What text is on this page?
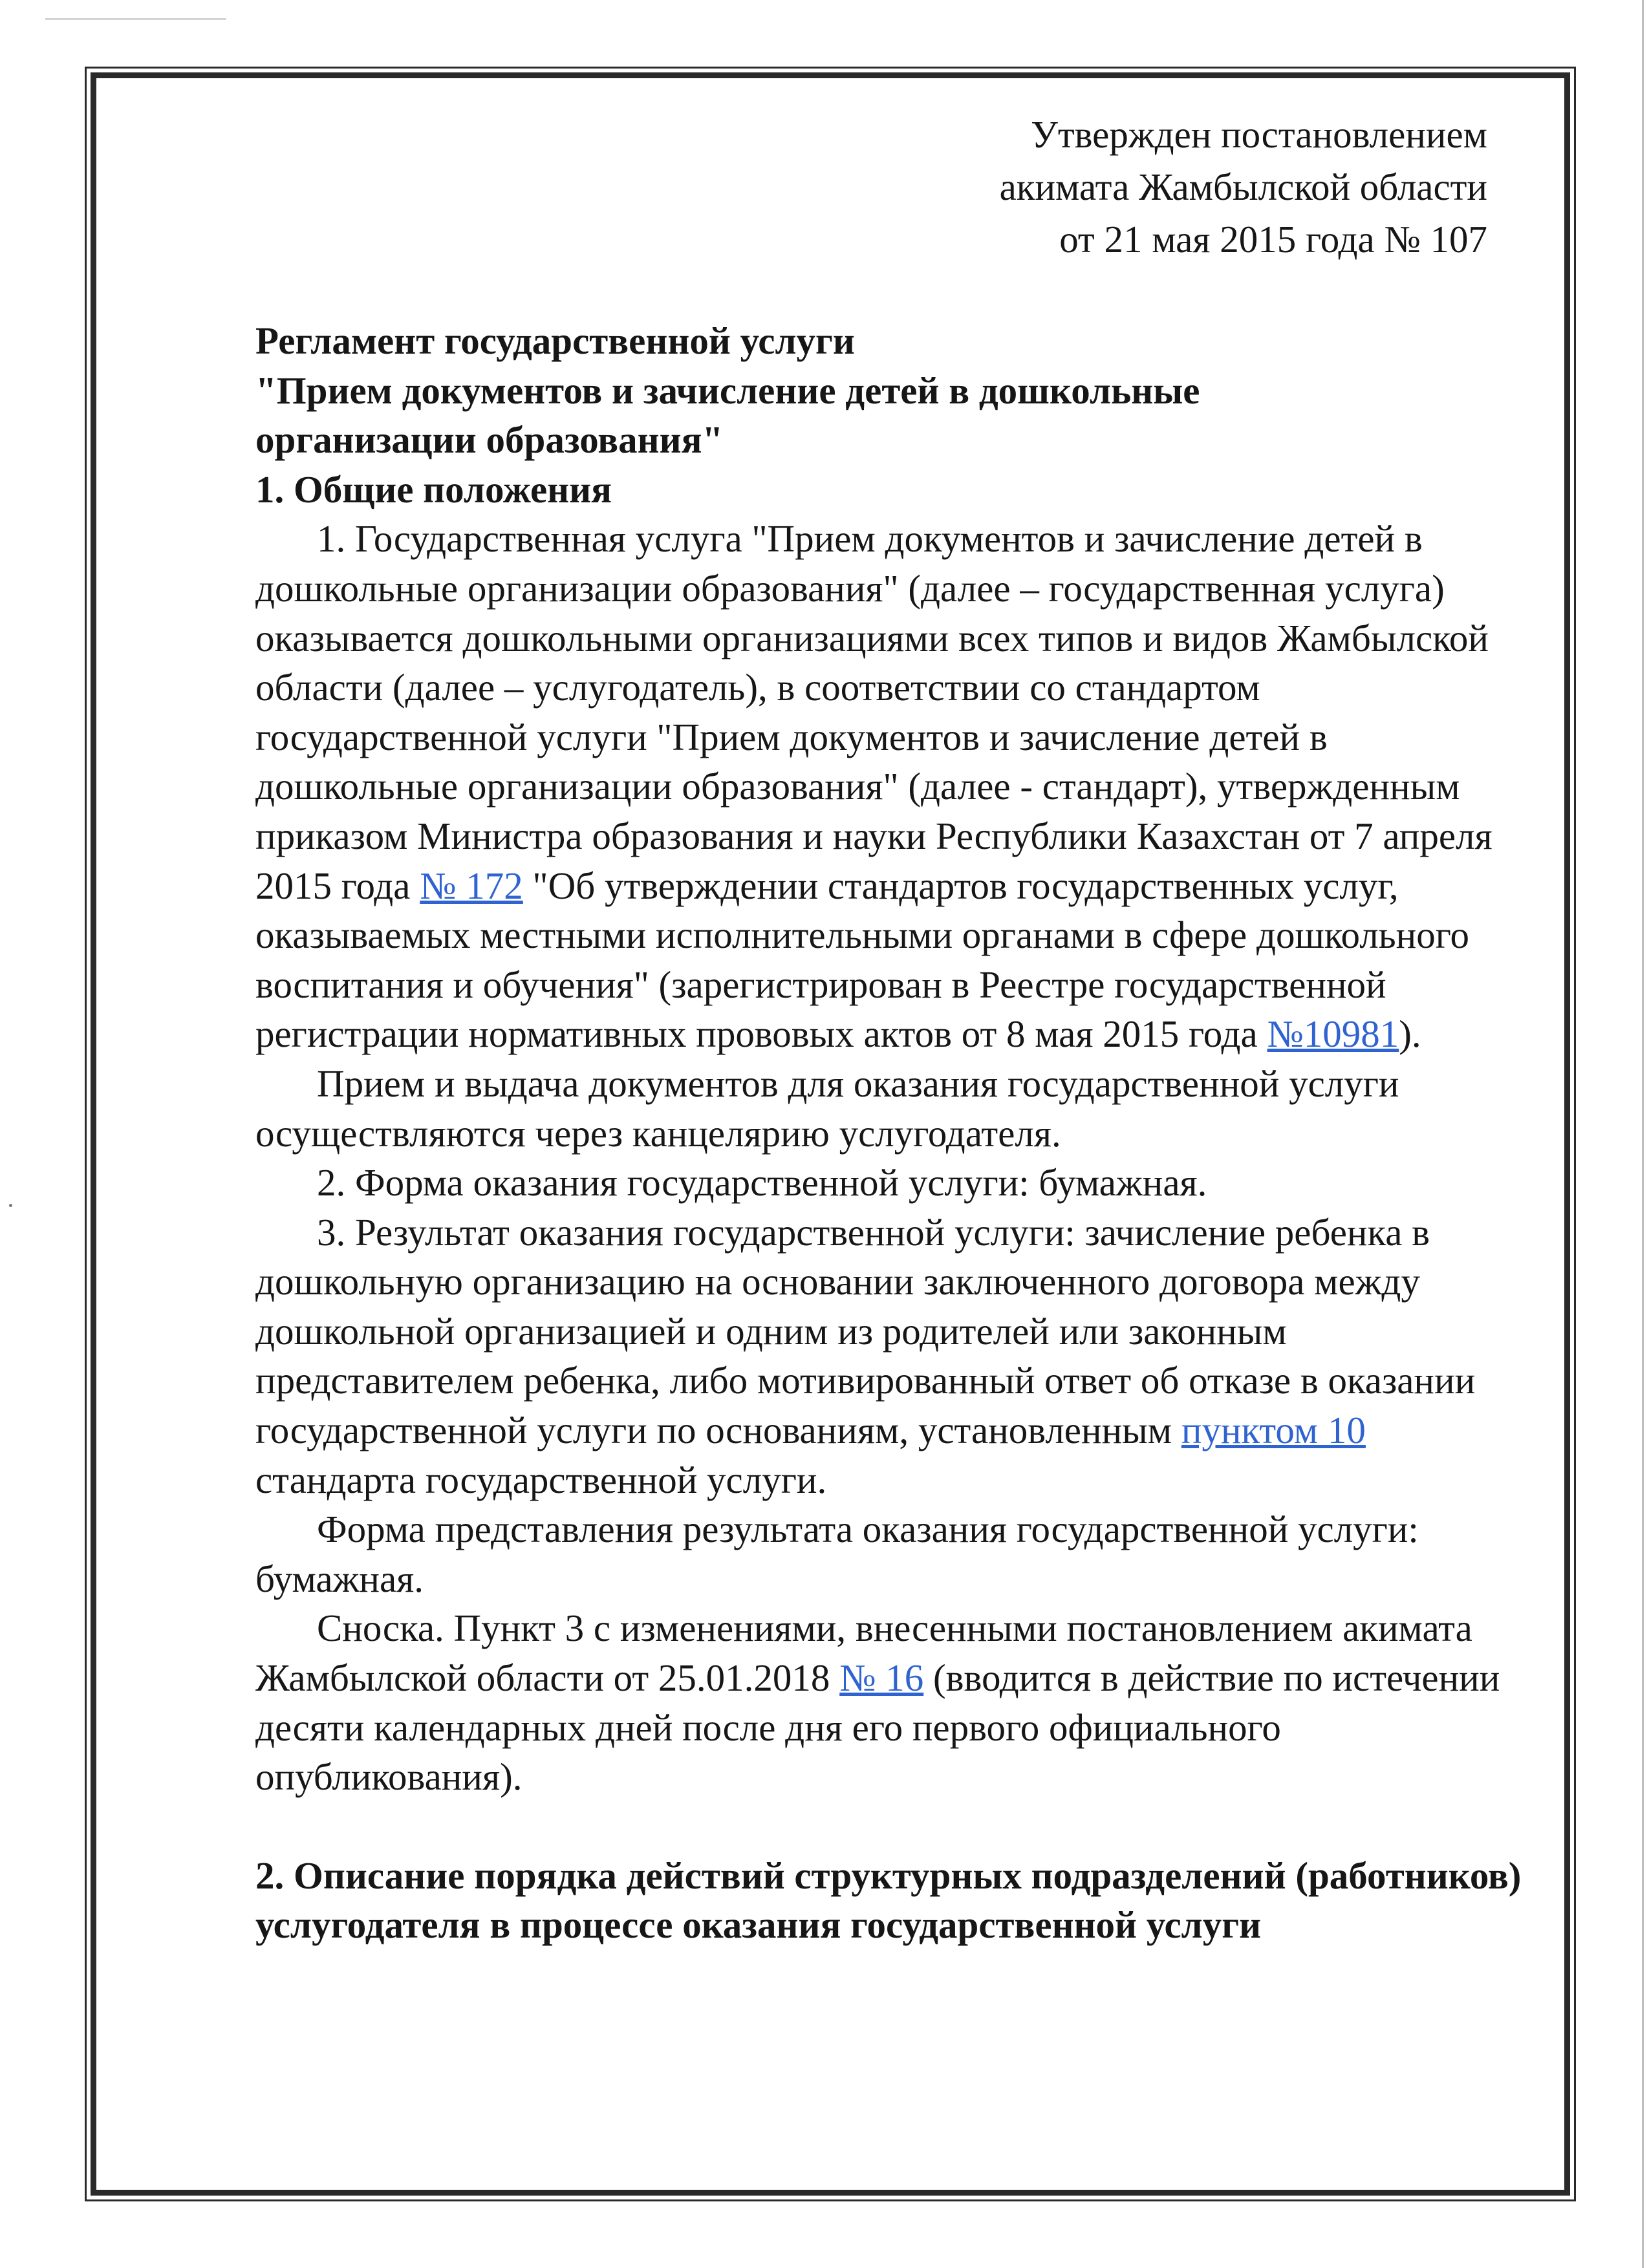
Утвержден постановлением
акимата Жамбылской области
от 21 мая 2015 года № 107

Регламент государственной услуги

"Прием документов и зачисление детей в дошкольные

организации образования"

1. Общие положения

1. Государственная услуга "Прием документов и зачисление детей в дошкольные организации образования" (далее – государственная услуга) оказывается дошкольными организациями всех типов и видов Жамбылской области (далее – услугодатель), в соответствии со стандартом государственной услуги "Прием документов и зачисление детей в дошкольные организации образования" (далее - стандарт), утвержденным приказом Министра образования и науки Республики Казахстан от 7 апреля 2015 года № 172 "Об утверждении стандартов государственных услуг, оказываемых местными исполнительными органами в сфере дошкольного воспитания и обучения" (зарегистрирован в Реестре государственной регистрации нормативных прововых актов от 8 мая 2015 года №10981).

Прием и выдача документов для оказания государственной услуги осуществляются через канцелярию услугодателя.

2. Форма оказания государственной услуги: бумажная.

3. Результат оказания государственной услуги: зачисление ребенка в дошкольную организацию на основании заключенного договора между дошкольной организацией и одним из родителей или законным представителем ребенка, либо мотивированный ответ об отказе в оказании государственной услуги по основаниям, установленным пунктом 10 стандарта государственной услуги.

Форма представления результата оказания государственной услуги: бумажная.

Сноска. Пункт 3 с изменениями, внесенными постановлением акимата Жамбылской области от 25.01.2018 № 16 (вводится в действие по истечении десяти календарных дней после дня его первого официального опубликования).

2. Описание порядка действий структурных подразделений (работников) услугодателя в процессе оказания государственной услуги
